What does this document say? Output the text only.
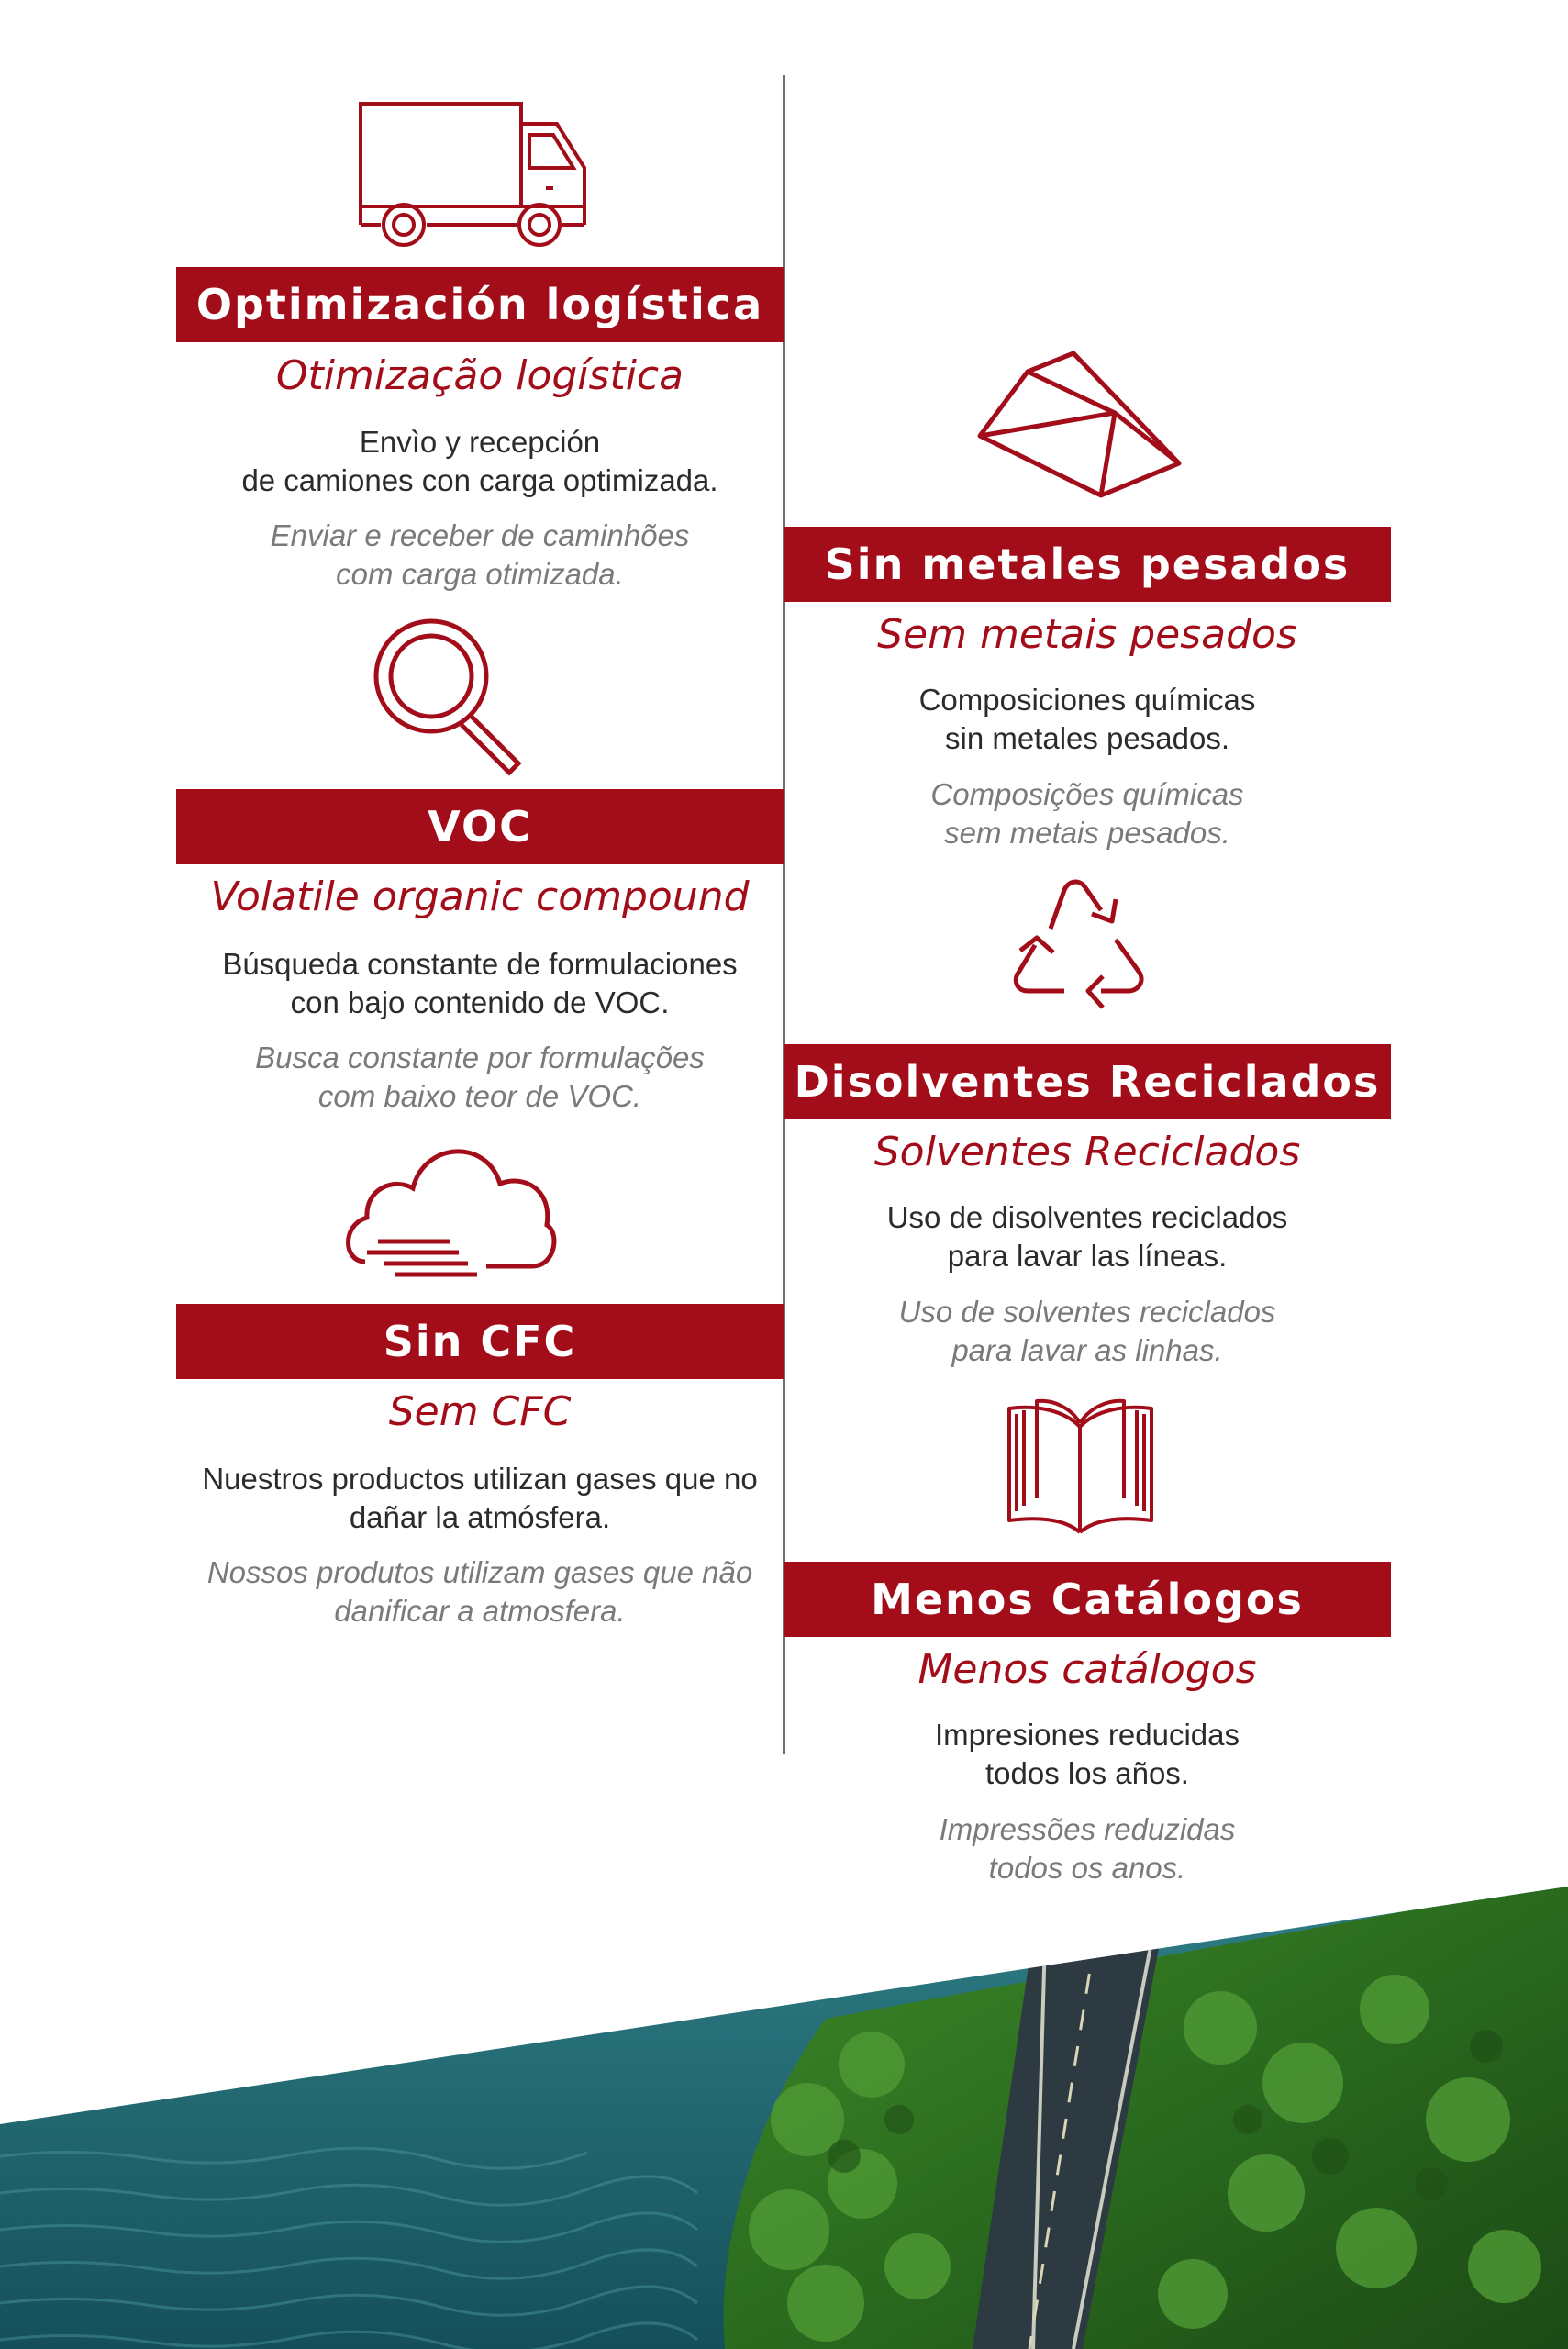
Optimización logística
Otimização logística
Envìo y recepción
de camiones con carga optimizada.
Enviar e receber de caminhões
com carga otimizada.
VOC
Volatile organic compound
Búsqueda constante de formulaciones
con bajo contenido de VOC.
Busca constante por formulações
com baixo teor de VOC.
Sin CFC
Sem CFC
Nuestros productos utilizan gases que no
dañar la atmósfera.
Nossos produtos utilizam gases que não
danificar a atmosfera.
Sin metales pesados
Sem metais pesados
Composiciones químicas
sin metales pesados.
Composições químicas
sem metais pesados.
Disolventes Reciclados
Solventes Reciclados
Uso de disolventes reciclados
para lavar las líneas.
Uso de solventes reciclados
para lavar as linhas.
Menos Catálogos
Menos catálogos
Impresiones reducidas
todos los años.
Impressões reduzidas
todos os anos.
